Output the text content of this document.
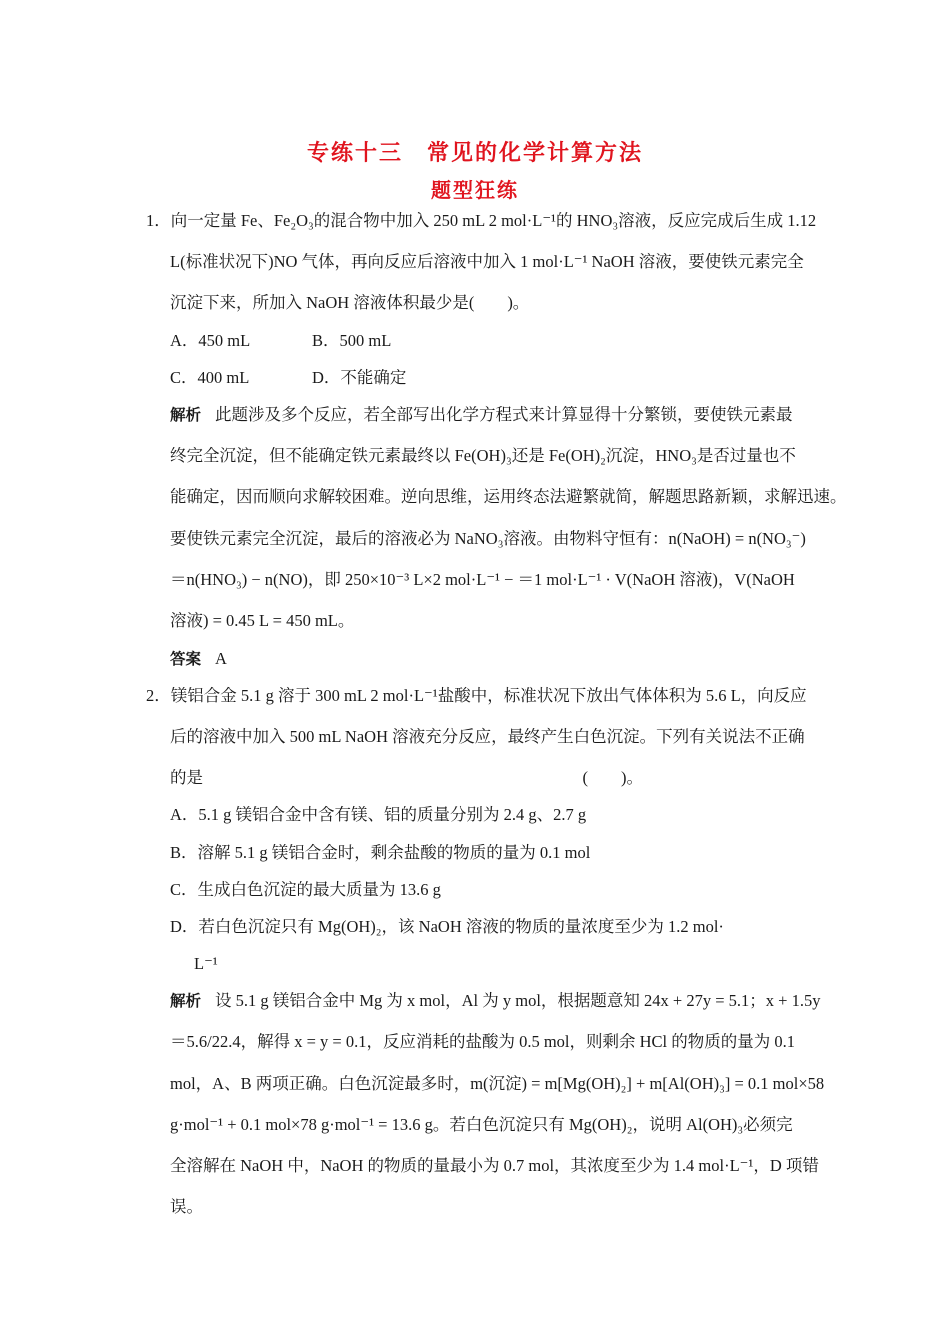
专练十三　常见的化学计算方法
题型狂练
1．向一定量 Fe、Fe₂O₃的混合物中加入 250 mL 2 mol·L⁻¹的 HNO₃溶液，反应完成后生成 1.12
L(标准状况下)NO 气体，再向反应后溶液中加入 1 mol·L⁻¹ NaOH 溶液，要使铁元素完全
沉淀下来，所加入 NaOH 溶液体积最少是(　　)。
A．450 mL	B．500 mL
C．400 mL	D．不能确定
解析 此题涉及多个反应，若全部写出化学方程式来计算显得十分繁锁，要使铁元素最
终完全沉淀，但不能确定铁元素最终以 Fe(OH)₃还是 Fe(OH)₂沉淀，HNO₃是否过量也不
能确定，因而顺向求解较困难。逆向思维，运用终态法避繁就简，解题思路新颖，求解迅速。
要使铁元素完全沉淀，最后的溶液必为 NaNO₃溶液。由物料守恒有：n(NaOH) = n(NO₃⁻)
＝n(HNO₃) − n(NO)，即 250×10⁻³ L×2 mol·L⁻¹ − ＝1 mol·L⁻¹ · V(NaOH 溶液)，V(NaOH
溶液) = 0.45 L = 450 mL。
答案 A
2．镁铝合金 5.1 g 溶于 300 mL 2 mol·L⁻¹盐酸中，标准状况下放出气体体积为 5.6 L，向反应
后的溶液中加入 500 mL NaOH 溶液充分反应，最终产生白色沉淀。下列有关说法不正确
的是　　　　　　　　　　　　　　　　　　　　　　　(　　)。
A．5.1 g 镁铝合金中含有镁、铝的质量分别为 2.4 g、2.7 g
B．溶解 5.1 g 镁铝合金时，剩余盐酸的物质的量为 0.1 mol
C．生成白色沉淀的最大质量为 13.6 g
D．若白色沉淀只有 Mg(OH)₂，该 NaOH 溶液的物质的量浓度至少为 1.2 mol·
L⁻¹
解析 设 5.1 g 镁铝合金中 Mg 为 x mol，Al 为 y mol，根据题意知 24x + 27y = 5.1；x + 1.5y
＝5.6/22.4，解得 x = y = 0.1，反应消耗的盐酸为 0.5 mol，则剩余 HCl 的物质的量为 0.1
mol，A、B 两项正确。白色沉淀最多时，m(沉淀) = m[Mg(OH)₂] + m[Al(OH)₃] = 0.1 mol×58
g·mol⁻¹ + 0.1 mol×78 g·mol⁻¹ = 13.6 g。若白色沉淀只有 Mg(OH)₂，说明 Al(OH)₃必须完
全溶解在 NaOH 中，NaOH 的物质的量最小为 0.7 mol，其浓度至少为 1.4 mol·L⁻¹，D 项错
误。
